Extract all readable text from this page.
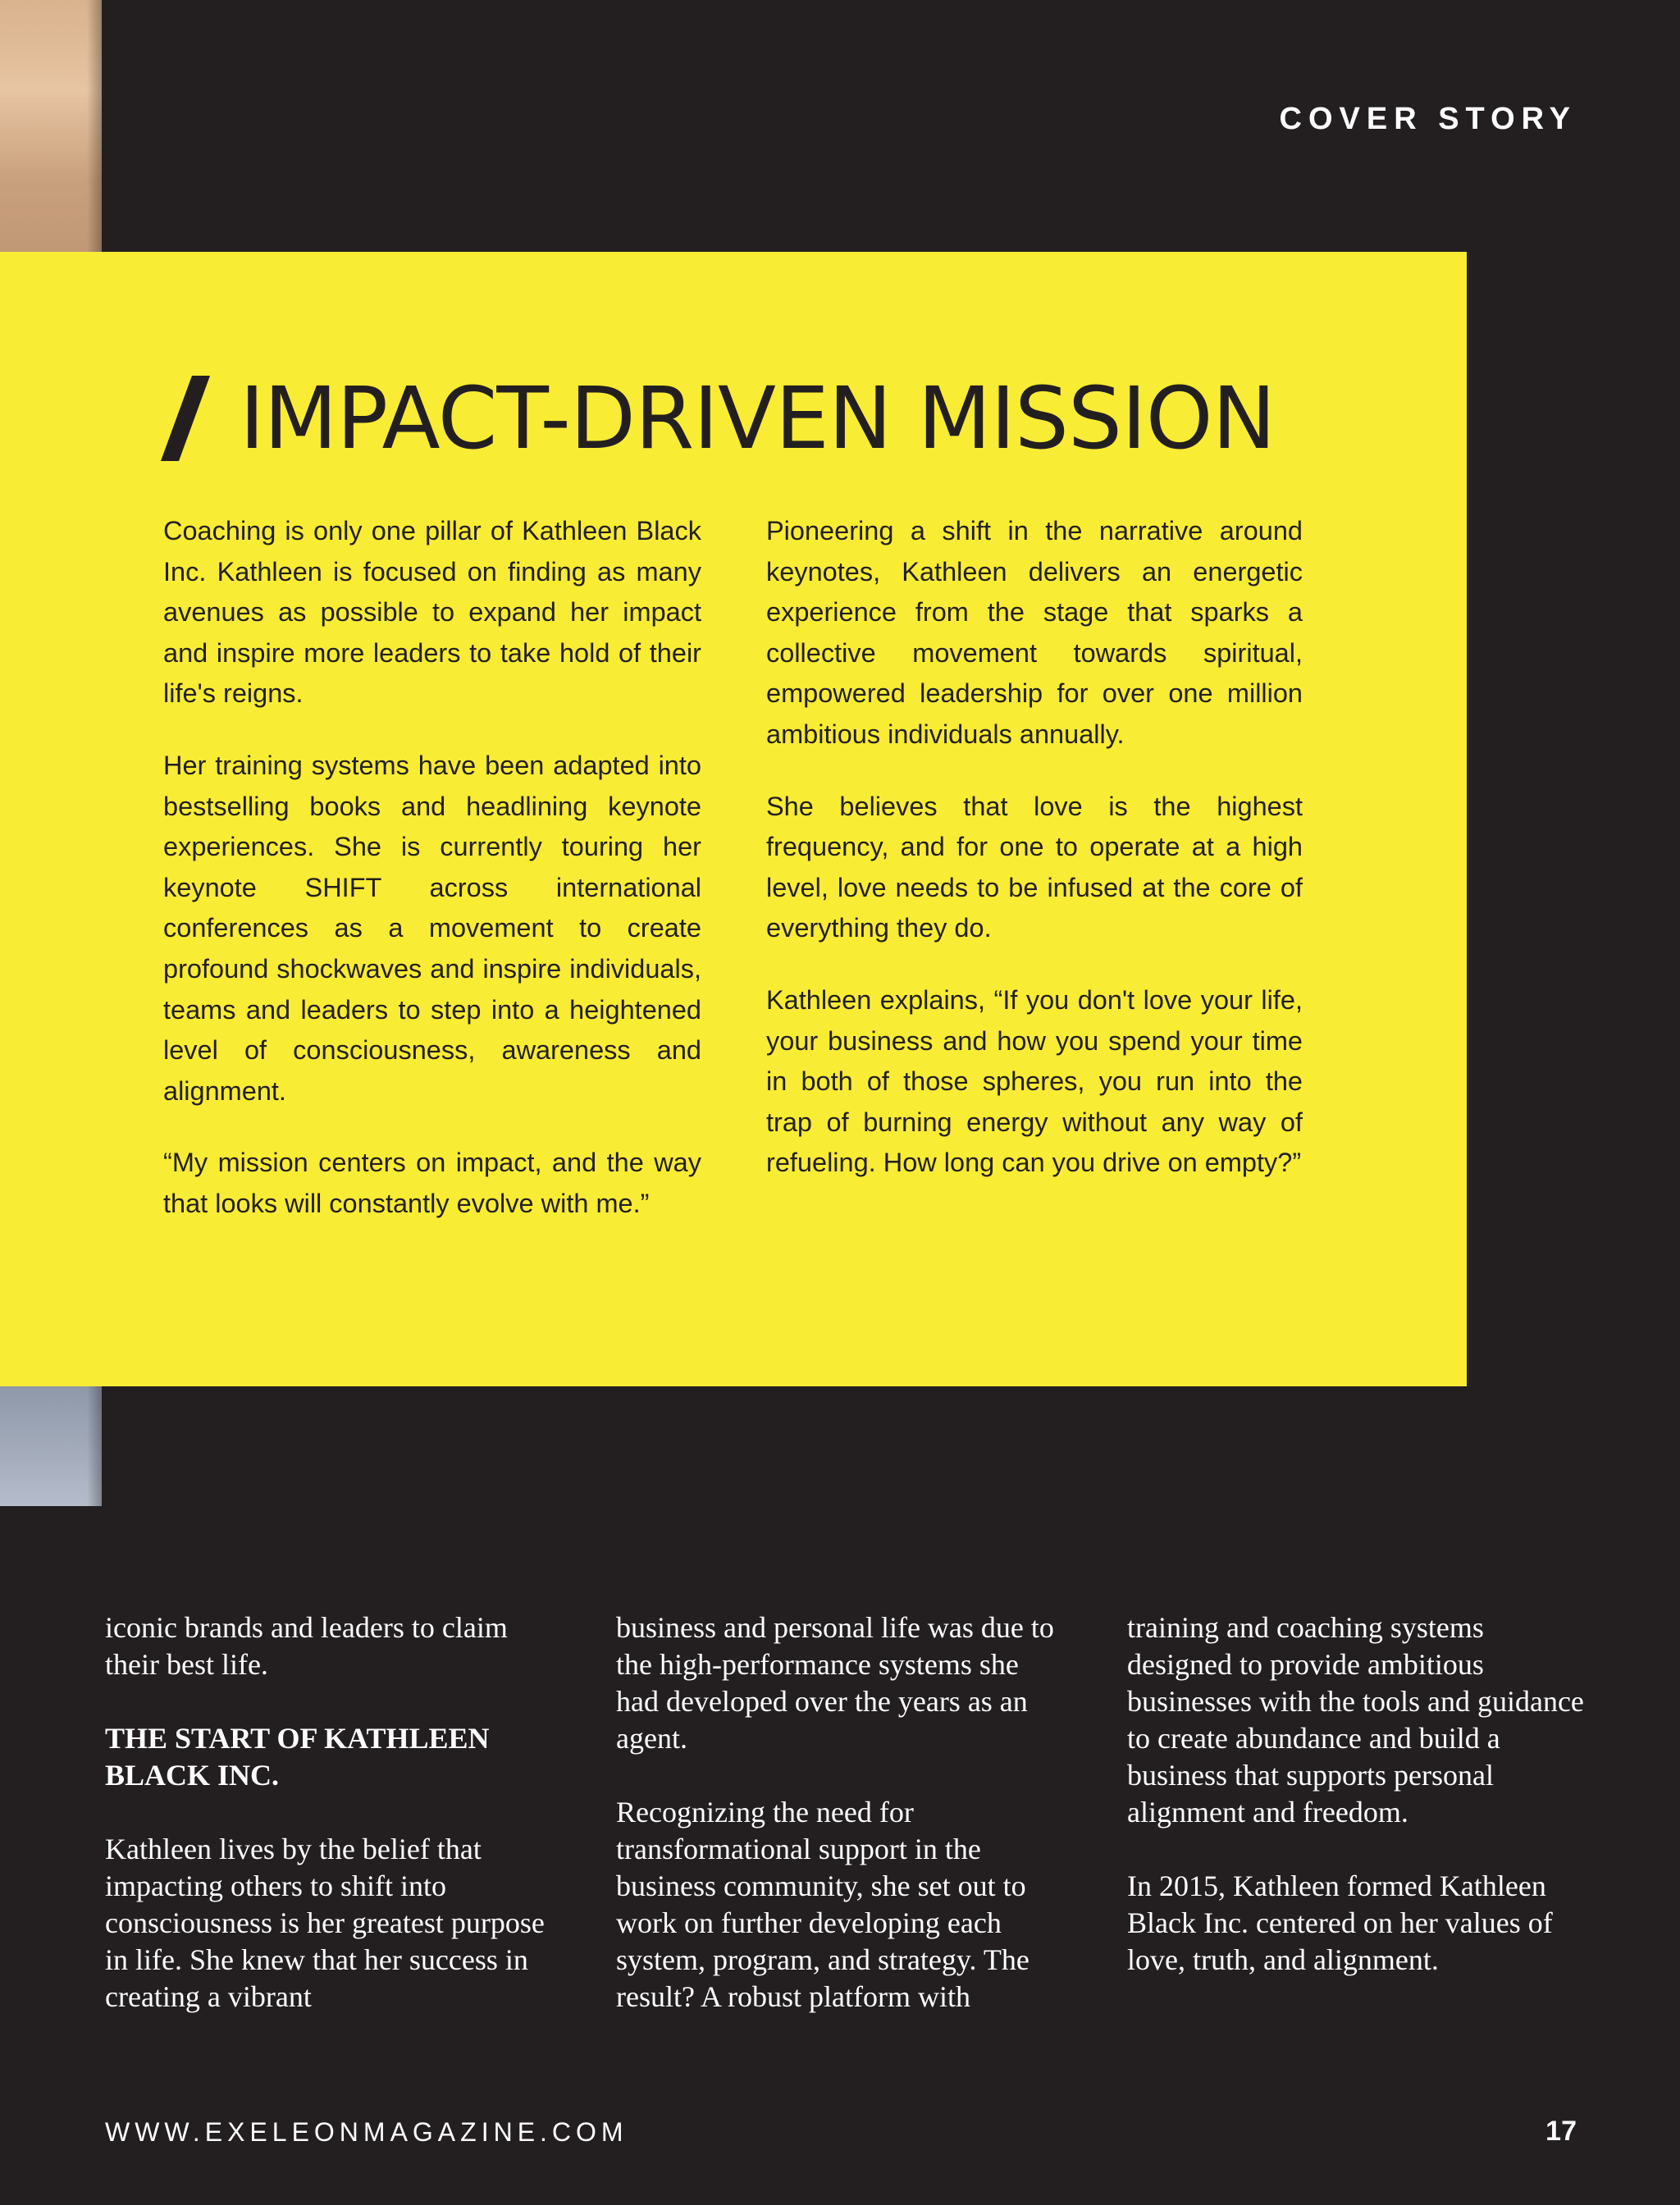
COVER STORY
IMPACT-DRIVEN MISSION

Coaching is only one pillar of Kathleen Black Inc. Kathleen is focused on finding as many avenues as possible to expand her impact and inspire more leaders to take hold of their life's reigns.

Her training systems have been adapted into bestselling books and headlining keynote experiences. She is currently touring her keynote SHIFT across international conferences as a movement to create profound shockwaves and inspire individuals, teams and leaders to step into a heightened level of consciousness, awareness and alignment.

“My mission centers on impact, and the way that looks will constantly evolve with me.”

Pioneering a shift in the narrative around keynotes, Kathleen delivers an energetic experience from the stage that sparks a collective movement towards spiritual, empowered leadership for over one million ambitious individuals annually.

She believes that love is the highest frequency, and for one to operate at a high level, love needs to be infused at the core of everything they do.

Kathleen explains, “If you don't love your life, your business and how you spend your time in both of those spheres, you run into the trap of burning energy without any way of refueling. How long can you drive on empty?”

iconic brands and leaders to claim their best life.

THE START OF KATHLEEN BLACK INC.

Kathleen lives by the belief that impacting others to shift into consciousness is her greatest purpose in life. She knew that her success in creating a vibrant

business and personal life was due to the high-performance systems she had developed over the years as an agent.

Recognizing the need for transformational support in the business community, she set out to work on further developing each system, program, and strategy. The result? A robust platform with

training and coaching systems designed to provide ambitious businesses with the tools and guidance to create abundance and build a business that supports personal alignment and freedom.

In 2015, Kathleen formed Kathleen Black Inc. centered on her values of love, truth, and alignment.

WWW.EXELEONMAGAZINE.COM	17
